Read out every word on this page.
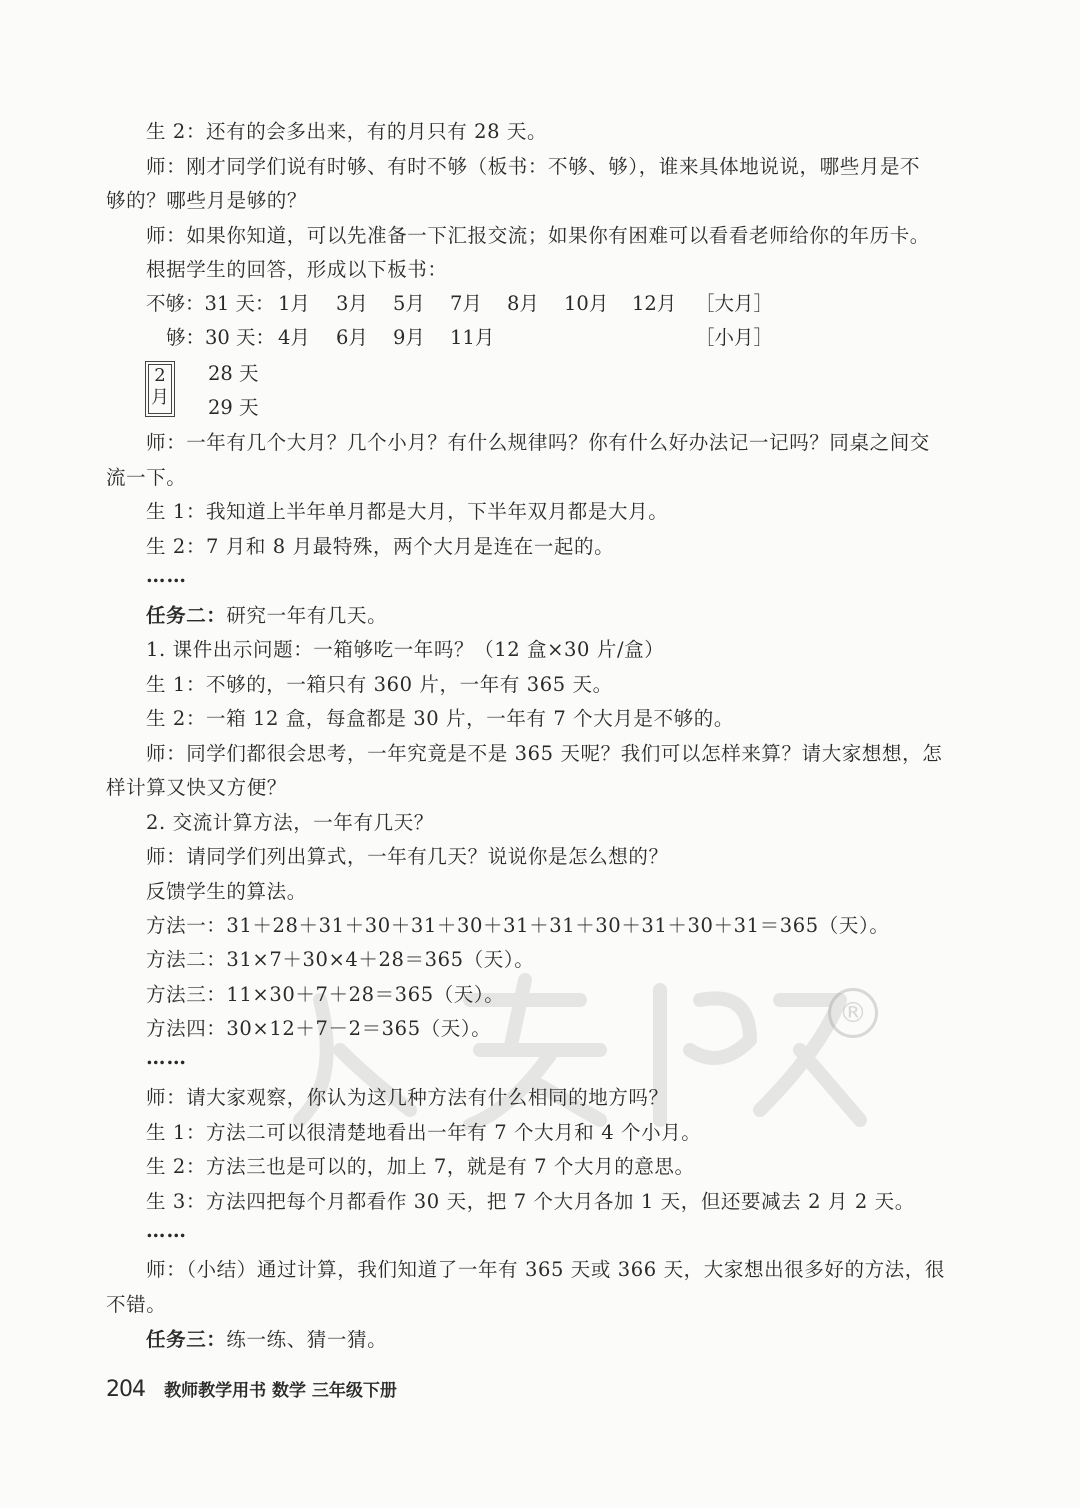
生 2：还有的会多出来，有的月只有 28 天。
师：刚才同学们说有时够、有时不够（板书：不够、够），谁来具体地说说，哪些月是不
够的？哪些月是够的？
师：如果你知道，可以先准备一下汇报交流；如果你有困难可以看看老师给你的年历卡。
根据学生的回答，形成以下板书：
不够：31 天： 1月 3月 5月 7月 8月 10月 12月 ［大月］
够：30 天： 4月 6月 9月 11月	［小月］
2
月
28 天
29 天
师：一年有几个大月？几个小月？有什么规律吗？你有什么好办法记一记吗？同桌之间交
流一下。
生 1：我知道上半年单月都是大月，下半年双月都是大月。
生 2：7 月和 8 月最特殊，两个大月是连在一起的。
……
任务二：研究一年有几天。
1. 课件出示问题：一箱够吃一年吗？（12 盒×30 片/盒）
生 1：不够的，一箱只有 360 片，一年有 365 天。
生 2：一箱 12 盒，每盒都是 30 片，一年有 7 个大月是不够的。
师：同学们都很会思考，一年究竟是不是 365 天呢？我们可以怎样来算？请大家想想，怎
样计算又快又方便？
2. 交流计算方法，一年有几天？
师：请同学们列出算式，一年有几天？说说你是怎么想的？
反馈学生的算法。
方法一：31＋28＋31＋30＋31＋30＋31＋31＋30＋31＋30＋31＝365（天）。
方法二：31×7＋30×4＋28＝365（天）。
方法三：11×30＋7＋28＝365（天）。
方法四：30×12＋7－2＝365（天）。
……
师：请大家观察，你认为这几种方法有什么相同的地方吗？
生 1：方法二可以很清楚地看出一年有 7 个大月和 4 个小月。
生 2：方法三也是可以的，加上 7，就是有 7 个大月的意思。
生 3：方法四把每个月都看作 30 天，把 7 个大月各加 1 天，但还要减去 2 月 2 天。
……
师：（小结）通过计算，我们知道了一年有 365 天或 366 天，大家想出很多好的方法，很
不错。
任务三：练一练、猜一猜。
204 教师教学用书 数学 三年级下册
®
